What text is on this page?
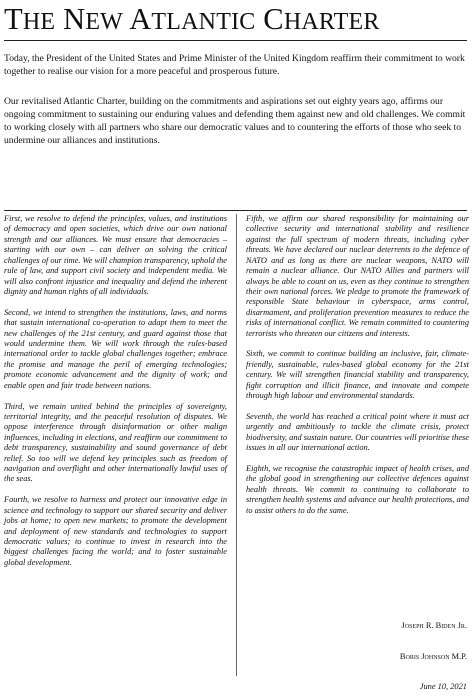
THE NEW ATLANTIC CHARTER
Today, the President of the United States and Prime Minister of the United Kingdom reaffirm their commitment to work together to realise our vision for a more peaceful and prosperous future.
Our revitalised Atlantic Charter, building on the commitments and aspirations set out eighty years ago, affirms our ongoing commitment to sustaining our enduring values and defending them against new and old challenges. We commit to working closely with all partners who share our democratic values and to countering the efforts of those who seek to undermine our alliances and institutions.

First, we resolve to defend the principles, values, and institutions of democracy and open societies, which drive our own national strength and our alliances. We must ensure that democracies – starting with our own – can deliver on solving the critical challenges of our time. We will champion transparency, uphold the rule of law, and support civil society and independent media. We will also confront injustice and inequality and defend the inherent dignity and human rights of all individuals.

Second, we intend to strengthen the institutions, laws, and norms that sustain international co-operation to adapt them to meet the new challenges of the 21st century, and guard against those that would undermine them. We will work through the rules-based international order to tackle global challenges together; embrace the promise and manage the peril of emerging technologies; promote economic advancement and the dignity of work; and enable open and fair trade between nations.

Third, we remain united behind the principles of sovereignty, territorial integrity, and the peaceful resolution of disputes. We oppose interference through disinformation or other malign influences, including in elections, and reaffirm our commitment to debt transparency, sustainability and sound governance of debt relief. So too will we defend key principles such as freedom of navigation and overflight and other internationally lawful uses of the seas.

Fourth, we resolve to harness and protect our innovative edge in science and technology to support our shared security and deliver jobs at home; to open new markets; to promote the development and deployment of new standards and technologies to support democratic values; to continue to invest in research into the biggest challenges facing the world; and to foster sustainable global development.

Fifth, we affirm our shared responsibility for maintaining our collective security and international stability and resilience against the full spectrum of modern threats, including cyber threats. We have declared our nuclear deterrents to the defence of NATO and as long as there are nuclear weapons, NATO will remain a nuclear alliance. Our NATO Allies and partners will always be able to count on us, even as they continue to strengthen their own national forces. We pledge to promote the framework of responsible State behaviour in cyberspace, arms control, disarmament, and proliferation prevention measures to reduce the risks of international conflict. We remain committed to countering terrorists who threaten our citizens and interests.

Sixth, we commit to continue building an inclusive, fair, climate-friendly, sustainable, rules-based global economy for the 21st century. We will strengthen financial stability and transparency, fight corruption and illicit finance, and innovate and compete through high labour and environmental standards.

Seventh, the world has reached a critical point where it must act urgently and ambitiously to tackle the climate crisis, protect biodiversity, and sustain nature. Our countries will prioritise these issues in all our international action.

Eighth, we recognise the catastrophic impact of health crises, and the global good in strengthening our collective defences against health threats. We commit to continuing to collaborate to strengthen health systems and advance our health protections, and to assist others to do the same.

Joseph R. Biden Jr.
Boris Johnson M.P.
June 10, 2021
